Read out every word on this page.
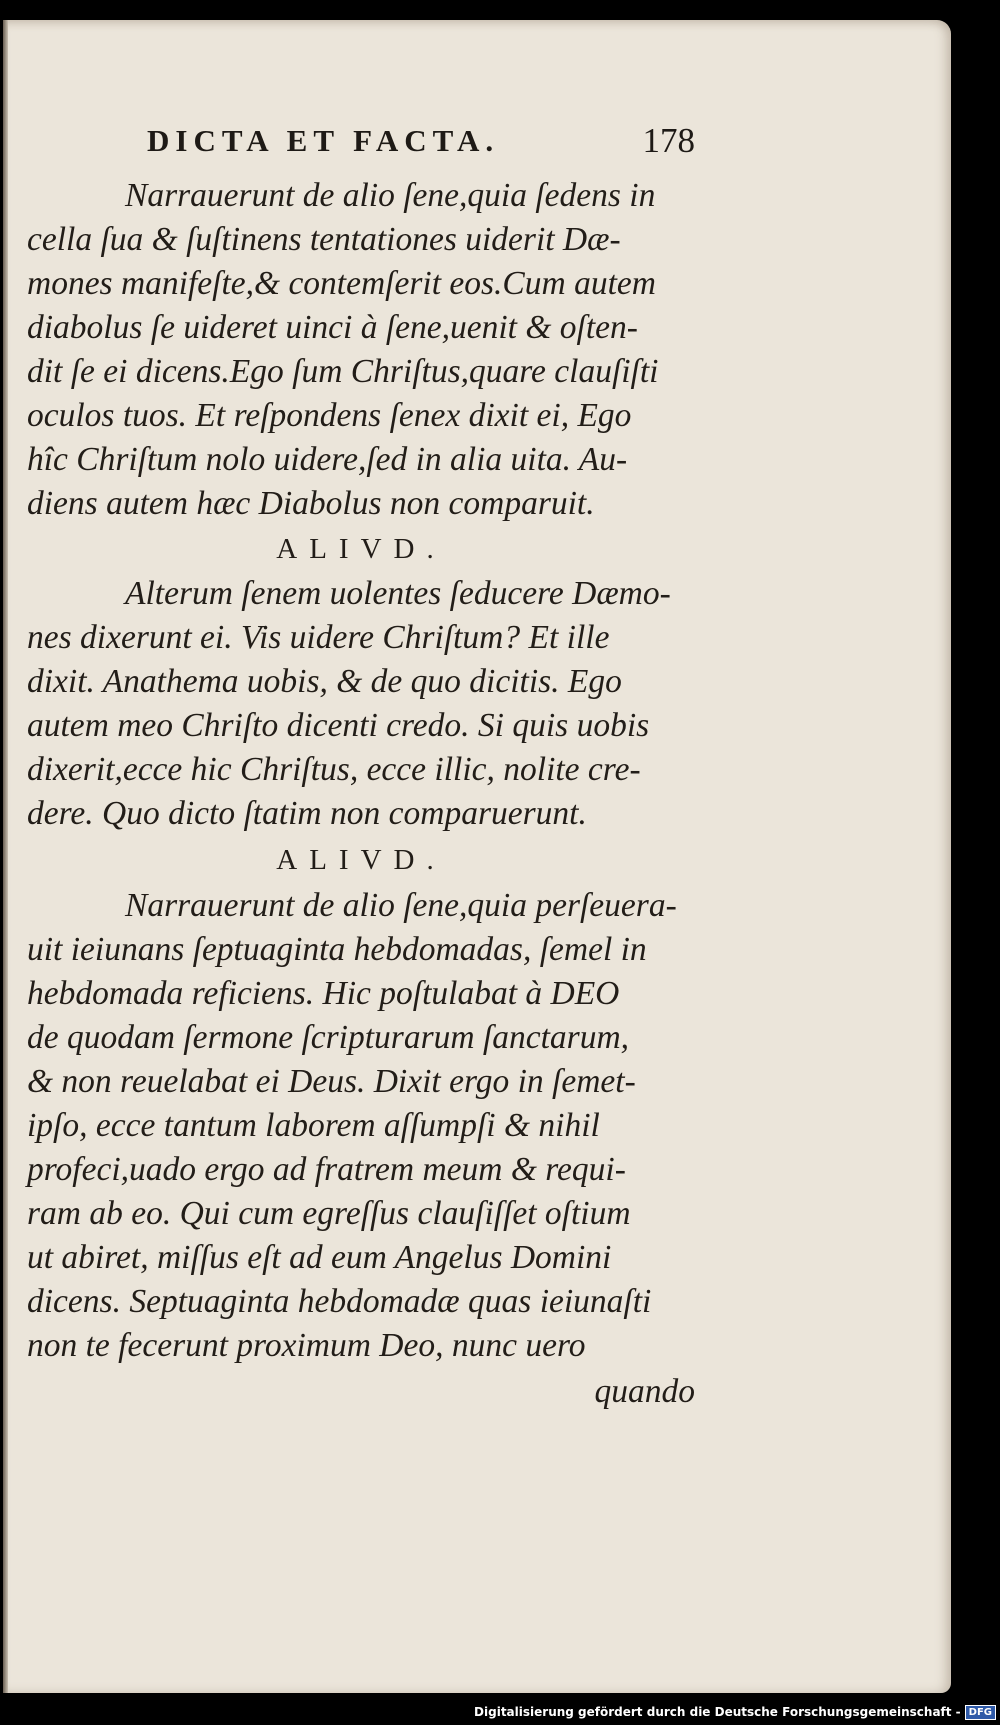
DICTA ET FACTA.	178
Narrauerunt de alio ſene,quia ſedens in
cella ſua & ſuſtinens tentationes uiderit Dæ-
mones manifeſte,& contemſerit eos.Cum autem
diabolus ſe uideret uinci à ſene,uenit & oſten-
dit ſe ei dicens.Ego ſum Chriſtus,quare clauſiſti
oculos tuos. Et reſpondens ſenex dixit ei, Ego
hîc Chriſtum nolo uidere,ſed in alia uita. Au-
diens autem hæc Diabolus non comparuit.
ALIVD.
Alterum ſenem uolentes ſeducere Dæmo-
nes dixerunt ei. Vis uidere Chriſtum? Et ille
dixit. Anathema uobis, & de quo dicitis. Ego
autem meo Chriſto dicenti credo. Si quis uobis
dixerit,ecce hic Chriſtus, ecce illic, nolite cre-
dere. Quo dicto ſtatim non comparuerunt.
ALIVD.
Narrauerunt de alio ſene,quia perſeuera-
uit ieiunans ſeptuaginta hebdomadas, ſemel in
hebdomada reficiens. Hic poſtulabat à DEO
de quodam ſermone ſcripturarum ſanctarum,
& non reuelabat ei Deus. Dixit ergo in ſemet-
ipſo, ecce tantum laborem aſſumpſi & nihil
profeci,uado ergo ad fratrem meum & requi-
ram ab eo. Qui cum egreſſus clauſiſſet oſtium
ut abiret, miſſus eſt ad eum Angelus Domini
dicens. Septuaginta hebdomadæ quas ieiunaſti
non te fecerunt proximum Deo, nunc uero
quando
Digitalisierung gefördert durch die Deutsche Forschungsgemeinschaft - DFG
